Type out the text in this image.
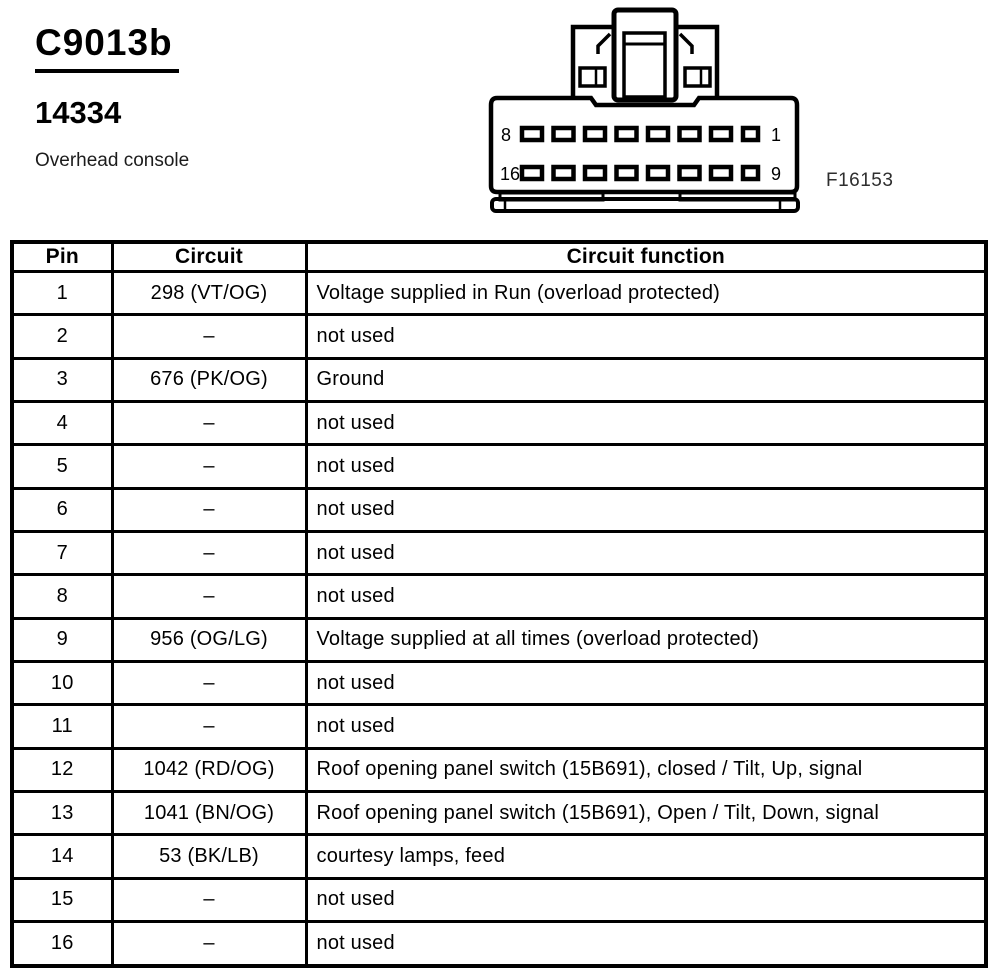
C9013b
14334
Overhead console
F16153
8	1
16	9
Pin	Circuit	Circuit function
1	298 (VT/OG)	Voltage supplied in Run (overload protected)
2	–	not used
3	676 (PK/OG)	Ground
4	–	not used
5	–	not used
6	–	not used
7	–	not used
8	–	not used
9	956 (OG/LG)	Voltage supplied at all times (overload protected)
10	–	not used
11	–	not used
12	1042 (RD/OG)	Roof opening panel switch (15B691), closed / Tilt, Up, signal
13	1041 (BN/OG)	Roof opening panel switch (15B691), Open / Tilt, Down, signal
14	53 (BK/LB)	courtesy lamps, feed
15	–	not used
16	–	not used
